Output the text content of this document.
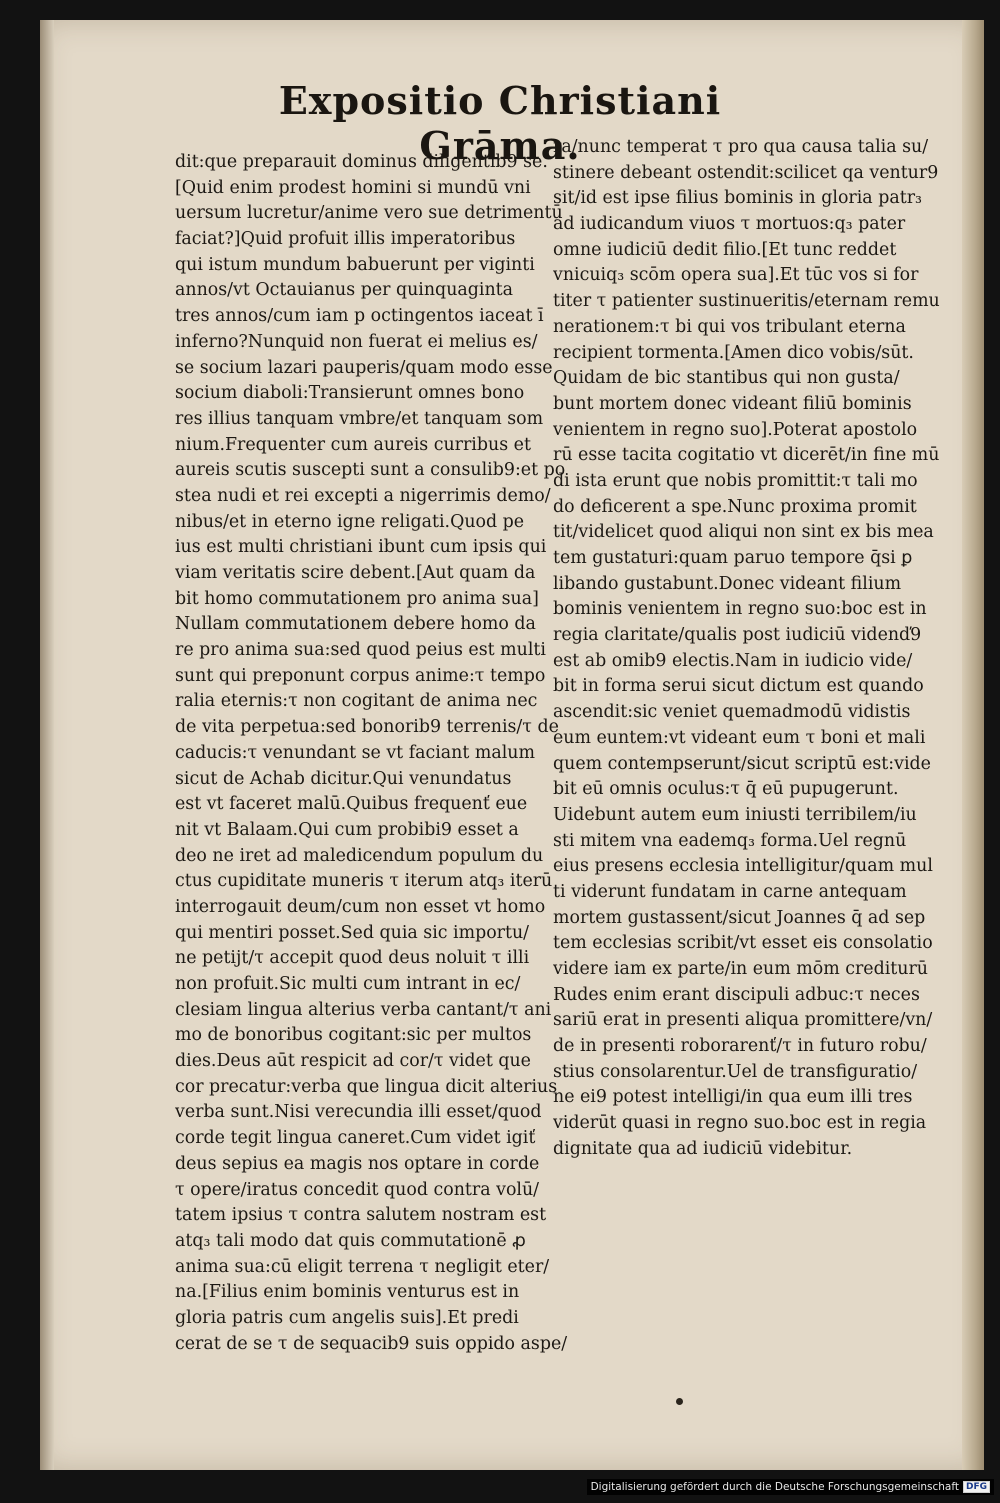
Expositio Christiani Grāma.
dit:que preparauit dominus diligentib9 se.
[Quid enim prodest homini si mundū vni
uersum lucretur/anime vero sue detrimentū
faciat?]Quid profuit illis imperatoribus
qui istum mundum babuerunt per viginti
annos/vt Octauianus per quinquaginta
tres annos/cum iam p octingentos iaceat ī
inferno?Nunquid non fuerat ei melius es/
se socium lazari pauperis/quam modo esse
socium diaboli:Transierunt omnes bono
res illius tanquam vmbre/et tanquam som
nium.Frequenter cum aureis curribus et
aureis scutis suscepti sunt a consulib9:et po
stea nudi et rei excepti a nigerrimis demo/
nibus/et in eterno igne religati.Quod pe
ius est multi christiani ibunt cum ipsis qui
viam veritatis scire debent.[Aut quam da
bit homo commutationem pro anima sua]
Nullam commutationem debere homo da
re pro anima sua:sed quod peius est multi
sunt qui preponunt corpus anime:τ tempo
ralia eternis:τ non cogitant de anima nec
de vita perpetua:sed bonorib9 terrenis/τ de
caducis:τ venundant se vt faciant malum
sicut de Achab dicitur.Qui venundatus
est vt faceret malū.Quibus frequenť eue
nit vt Balaam.Qui cum probibi9 esset a
deo ne iret ad maledicendum populum du
ctus cupiditate muneris τ iterum atq₃ iterū
interrogauit deum/cum non esset vt homo
qui mentiri posset.Sed quia sic importu/
ne petijt/τ accepit quod deus noluit τ illi
non profuit.Sic multi cum intrant in ec/
clesiam lingua alterius verba cantant/τ ani
mo de bonoribus cogitant:sic per multos
dies.Deus aūt respicit ad cor/τ videt que
cor precatur:verba que lingua dicit alterius
verba sunt.Nisi verecundia illi esset/quod
corde tegit lingua caneret.Cum videt igiť
deus sepius ea magis nos optare in corde
τ opere/iratus concedit quod contra volū/
tatem ipsius τ contra salutem nostram est
atq₃ tali modo dat quis commutationē ꝓ
anima sua:cū eligit terrena τ negligit eter/
na.[Filius enim bominis venturus est in
gloria patris cum angelis suis].Et predi
cerat de se τ de sequacib9 suis oppido aspe/
ra/nunc temperat τ pro qua causa talia su/
stinere debeant ostendit:scilicet qa ventur9
sit/id est ipse filius bominis in gloria patr₃
ad iudicandum viuos τ mortuos:q₃ pater
omne iudiciū dedit filio.[Et tunc reddet
vnicuiq₃ scōm opera sua].Et tūc vos si for
titer τ patienter sustinueritis/eternam remu
nerationem:τ bi qui vos tribulant eterna
recipient tormenta.[Amen dico vobis/sūt.
Quidam de bic stantibus qui non gusta/
bunt mortem donec videant filiū bominis
venientem in regno suo].Poterat apostolo
rū esse tacita cogitatio vt dicerēt/in fine mū
di ista erunt que nobis promittit:τ tali mo
do deficerent a spe.Nunc proxima promit
tit/videlicet quod aliqui non sint ex bis mea
tem gustaturi:quam paruo tempore q̄si ꝑ
libando gustabunt.Donec videant filium
bominis venientem in regno suo:boc est in
regia claritate/qualis post iudiciū videnď9
est ab omib9 electis.Nam in iudicio vide/
bit in forma serui sicut dictum est quando
ascendit:sic veniet quemadmodū vidistis
eum euntem:vt videant eum τ boni et mali
quem contempserunt/sicut scriptū est:vide
bit eū omnis oculus:τ q̄ eū pupugerunt.
Uidebunt autem eum iniusti terribilem/iu
sti mitem vna eademq₃ forma.Uel regnū
eius presens ecclesia intelligitur/quam mul
ti viderunt fundatam in carne antequam
mortem gustassent/sicut Joannes q̄ ad sep
tem ecclesias scribit/vt esset eis consolatio
videre iam ex parte/in eum mōm crediturū
Rudes enim erant discipuli adbuc:τ neces
sariū erat in presenti aliqua promittere/vn/
de in presenti roborarenť/τ in futuro robu/
stius consolarentur.Uel de transfiguratio/
ne ei9 potest intelligi/in qua eum illi tres
viderūt quasi in regno suo.boc est in regia
dignitate qua ad iudiciū videbitur.
Digitalisierung gefördert durch die Deutsche Forschungsgemeinschaft DFG
